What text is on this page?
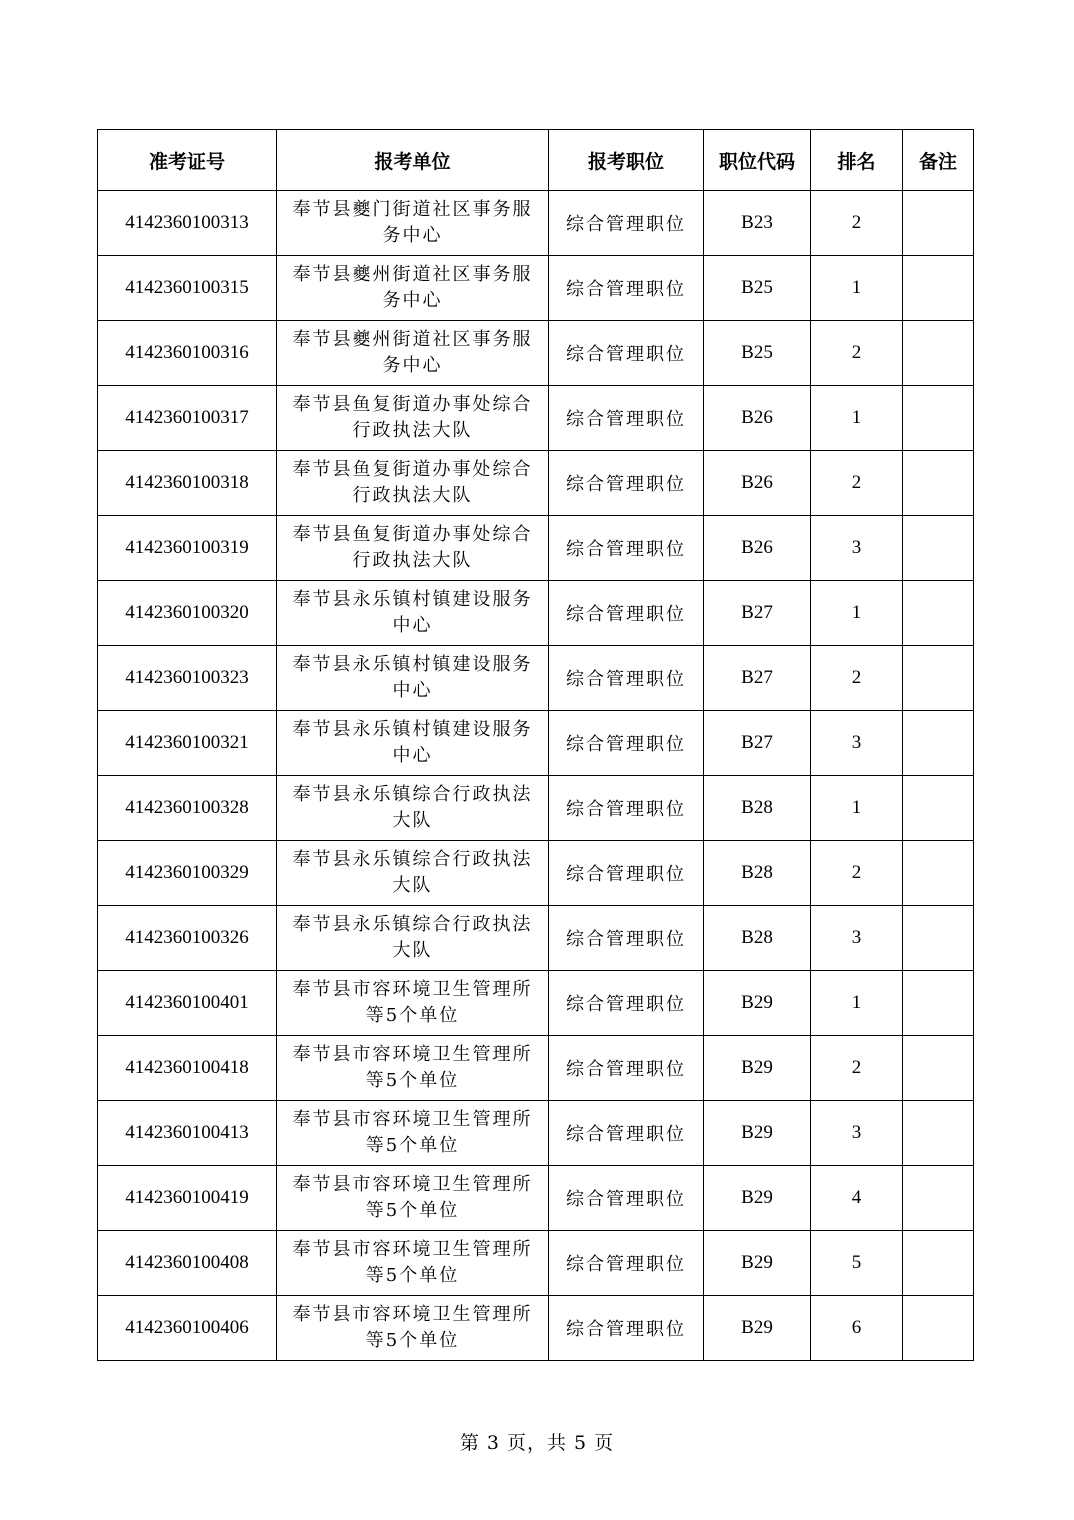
准考证号	报考单位	报考职位	职位代码	排名	备注
4142360100313	奉节县夔门街道社区事务服务中心	综合管理职位	B23	2	
4142360100315	奉节县夔州街道社区事务服务中心	综合管理职位	B25	1	
4142360100316	奉节县夔州街道社区事务服务中心	综合管理职位	B25	2	
4142360100317	奉节县鱼复街道办事处综合行政执法大队	综合管理职位	B26	1	
4142360100318	奉节县鱼复街道办事处综合行政执法大队	综合管理职位	B26	2	
4142360100319	奉节县鱼复街道办事处综合行政执法大队	综合管理职位	B26	3	
4142360100320	奉节县永乐镇村镇建设服务中心	综合管理职位	B27	1	
4142360100323	奉节县永乐镇村镇建设服务中心	综合管理职位	B27	2	
4142360100321	奉节县永乐镇村镇建设服务中心	综合管理职位	B27	3	
4142360100328	奉节县永乐镇综合行政执法大队	综合管理职位	B28	1	
4142360100329	奉节县永乐镇综合行政执法大队	综合管理职位	B28	2	
4142360100326	奉节县永乐镇综合行政执法大队	综合管理职位	B28	3	
4142360100401	奉节县市容环境卫生管理所等5个单位	综合管理职位	B29	1	
4142360100418	奉节县市容环境卫生管理所等5个单位	综合管理职位	B29	2	
4142360100413	奉节县市容环境卫生管理所等5个单位	综合管理职位	B29	3	
4142360100419	奉节县市容环境卫生管理所等5个单位	综合管理职位	B29	4	
4142360100408	奉节县市容环境卫生管理所等5个单位	综合管理职位	B29	5	
4142360100406	奉节县市容环境卫生管理所等5个单位	综合管理职位	B29	6	
第 3 页，共 5 页
